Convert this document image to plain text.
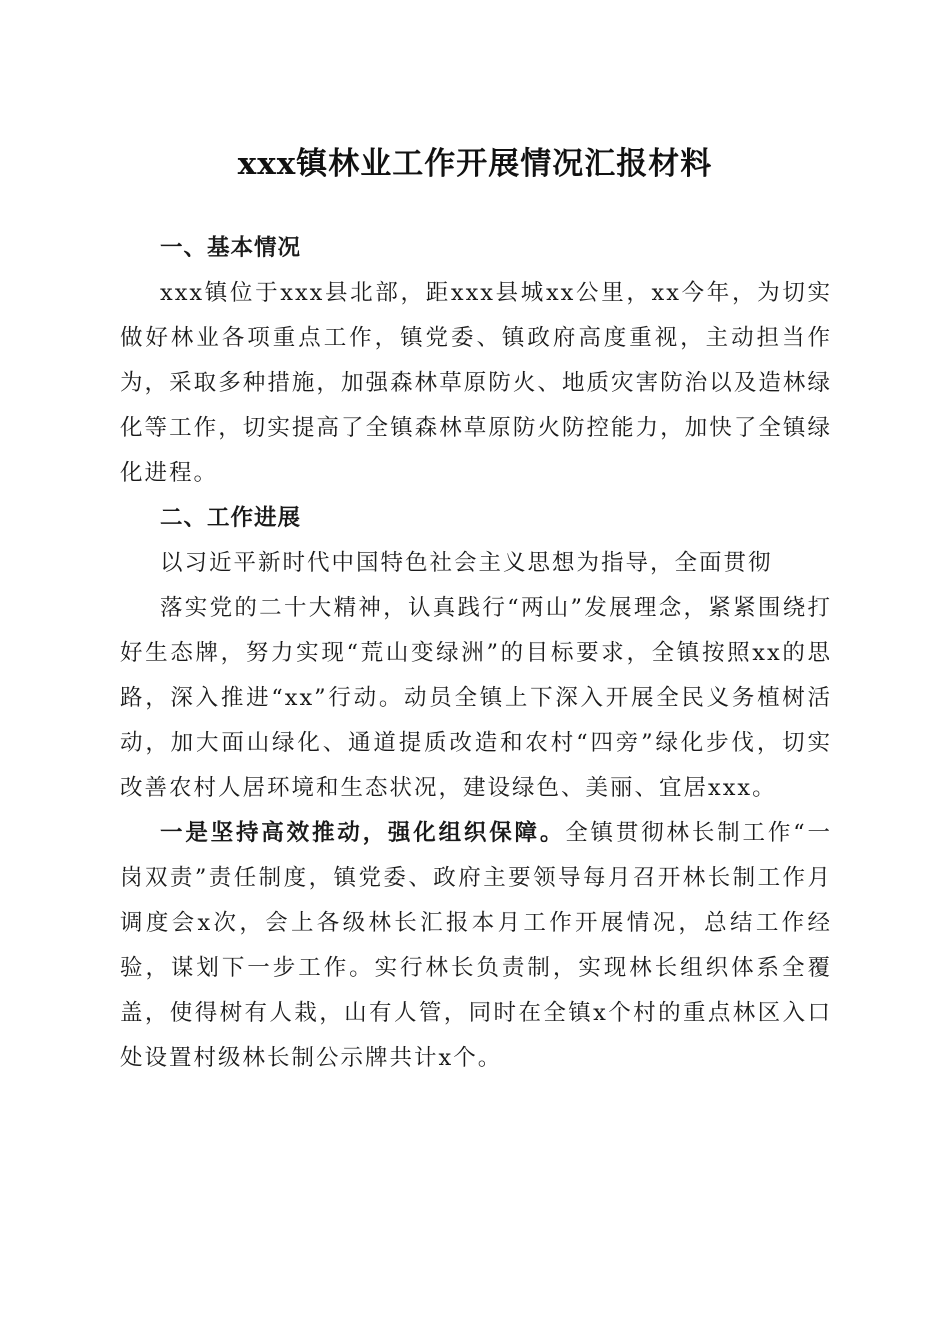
xxx镇林业工作开展情况汇报材料

一、基本情况

xxx镇位于xxx县北部，距xxx县城xx公里，xx今年，为切实做好林业各项重点工作，镇党委、镇政府高度重视，主动担当作为，采取多种措施，加强森林草原防火、地质灾害防治以及造林绿化等工作，切实提高了全镇森林草原防火防控能力，加快了全镇绿化进程。

二、工作进展

以习近平新时代中国特色社会主义思想为指导，全面贯彻

落实党的二十大精神，认真践行“两山”发展理念，紧紧围绕打好生态牌，努力实现“荒山变绿洲”的目标要求，全镇按照xx的思路，深入推进“xx”行动。动员全镇上下深入开展全民义务植树活动，加大面山绿化、通道提质改造和农村“四旁”绿化步伐，切实改善农村人居环境和生态状况，建设绿色、美丽、宜居xxx。

一是坚持高效推动，强化组织保障。全镇贯彻林长制工作“一岗双责”责任制度，镇党委、政府主要领导每月召开林长制工作月调度会x次，会上各级林长汇报本月工作开展情况，总结工作经验，谋划下一步工作。实行林长负责制，实现林长组织体系全覆盖，使得树有人栽，山有人管，同时在全镇x个村的重点林区入口处设置村级林长制公示牌共计x个。
